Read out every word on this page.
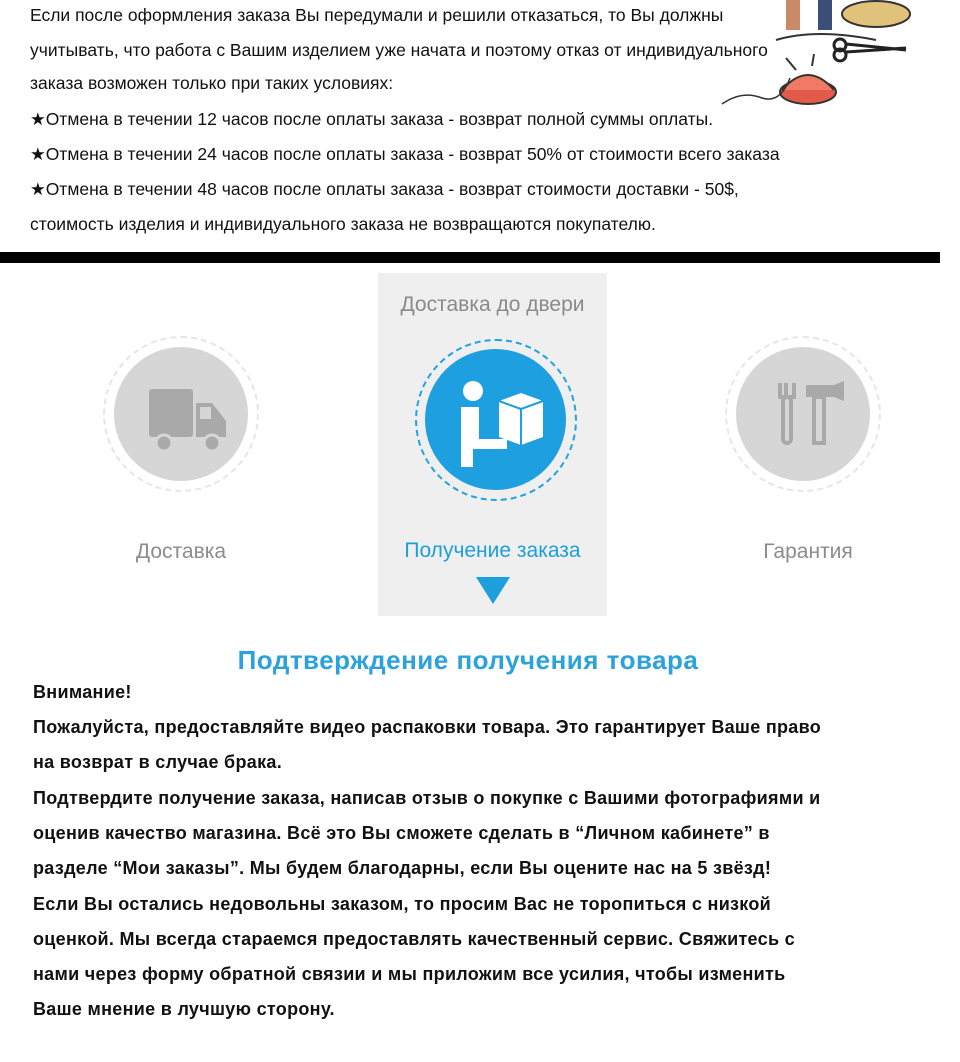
Если после оформления заказа Вы передумали и решили отказаться, то Вы должны

учитывать, что работа с Вашим изделием уже начата и поэтому отказ от индивидуального

заказа возможен только при таких условиях:

★Отмена в течении 12 часов после оплаты заказа - возврат полной суммы оплаты.

★Отмена в течении 24 часов после оплаты заказа - возврат 50% от стоимости всего заказа

★Отмена в течении 48 часов после оплаты заказа - возврат стоимости доставки - 50$,

стоимость изделия и индивидуального заказа не возвращаются покупателю.

Доставка
Доставка до двери
Получение заказа	Гарантия
Подтверждение получения товара

Внимание!

Пожалуйста, предоставляйте видео распаковки товара. Это гарантирует Ваше право

на возврат в случае брака.

Подтвердите получение заказа, написав отзыв о покупке с Вашими фотографиями и

оценив качество магазина. Всё это Вы сможете сделать в “Личном кабинете” в

разделе “Мои заказы”. Мы будем благодарны, если Вы оцените нас на 5 звёзд!

Если Вы остались недовольны заказом, то просим Вас не торопиться с низкой

оценкой. Мы всегда стараемся предоставлять качественный сервис. Свяжитесь с

нами через форму обратной связии и мы приложим все усилия, чтобы изменить

Ваше мнение в лучшую сторону.
